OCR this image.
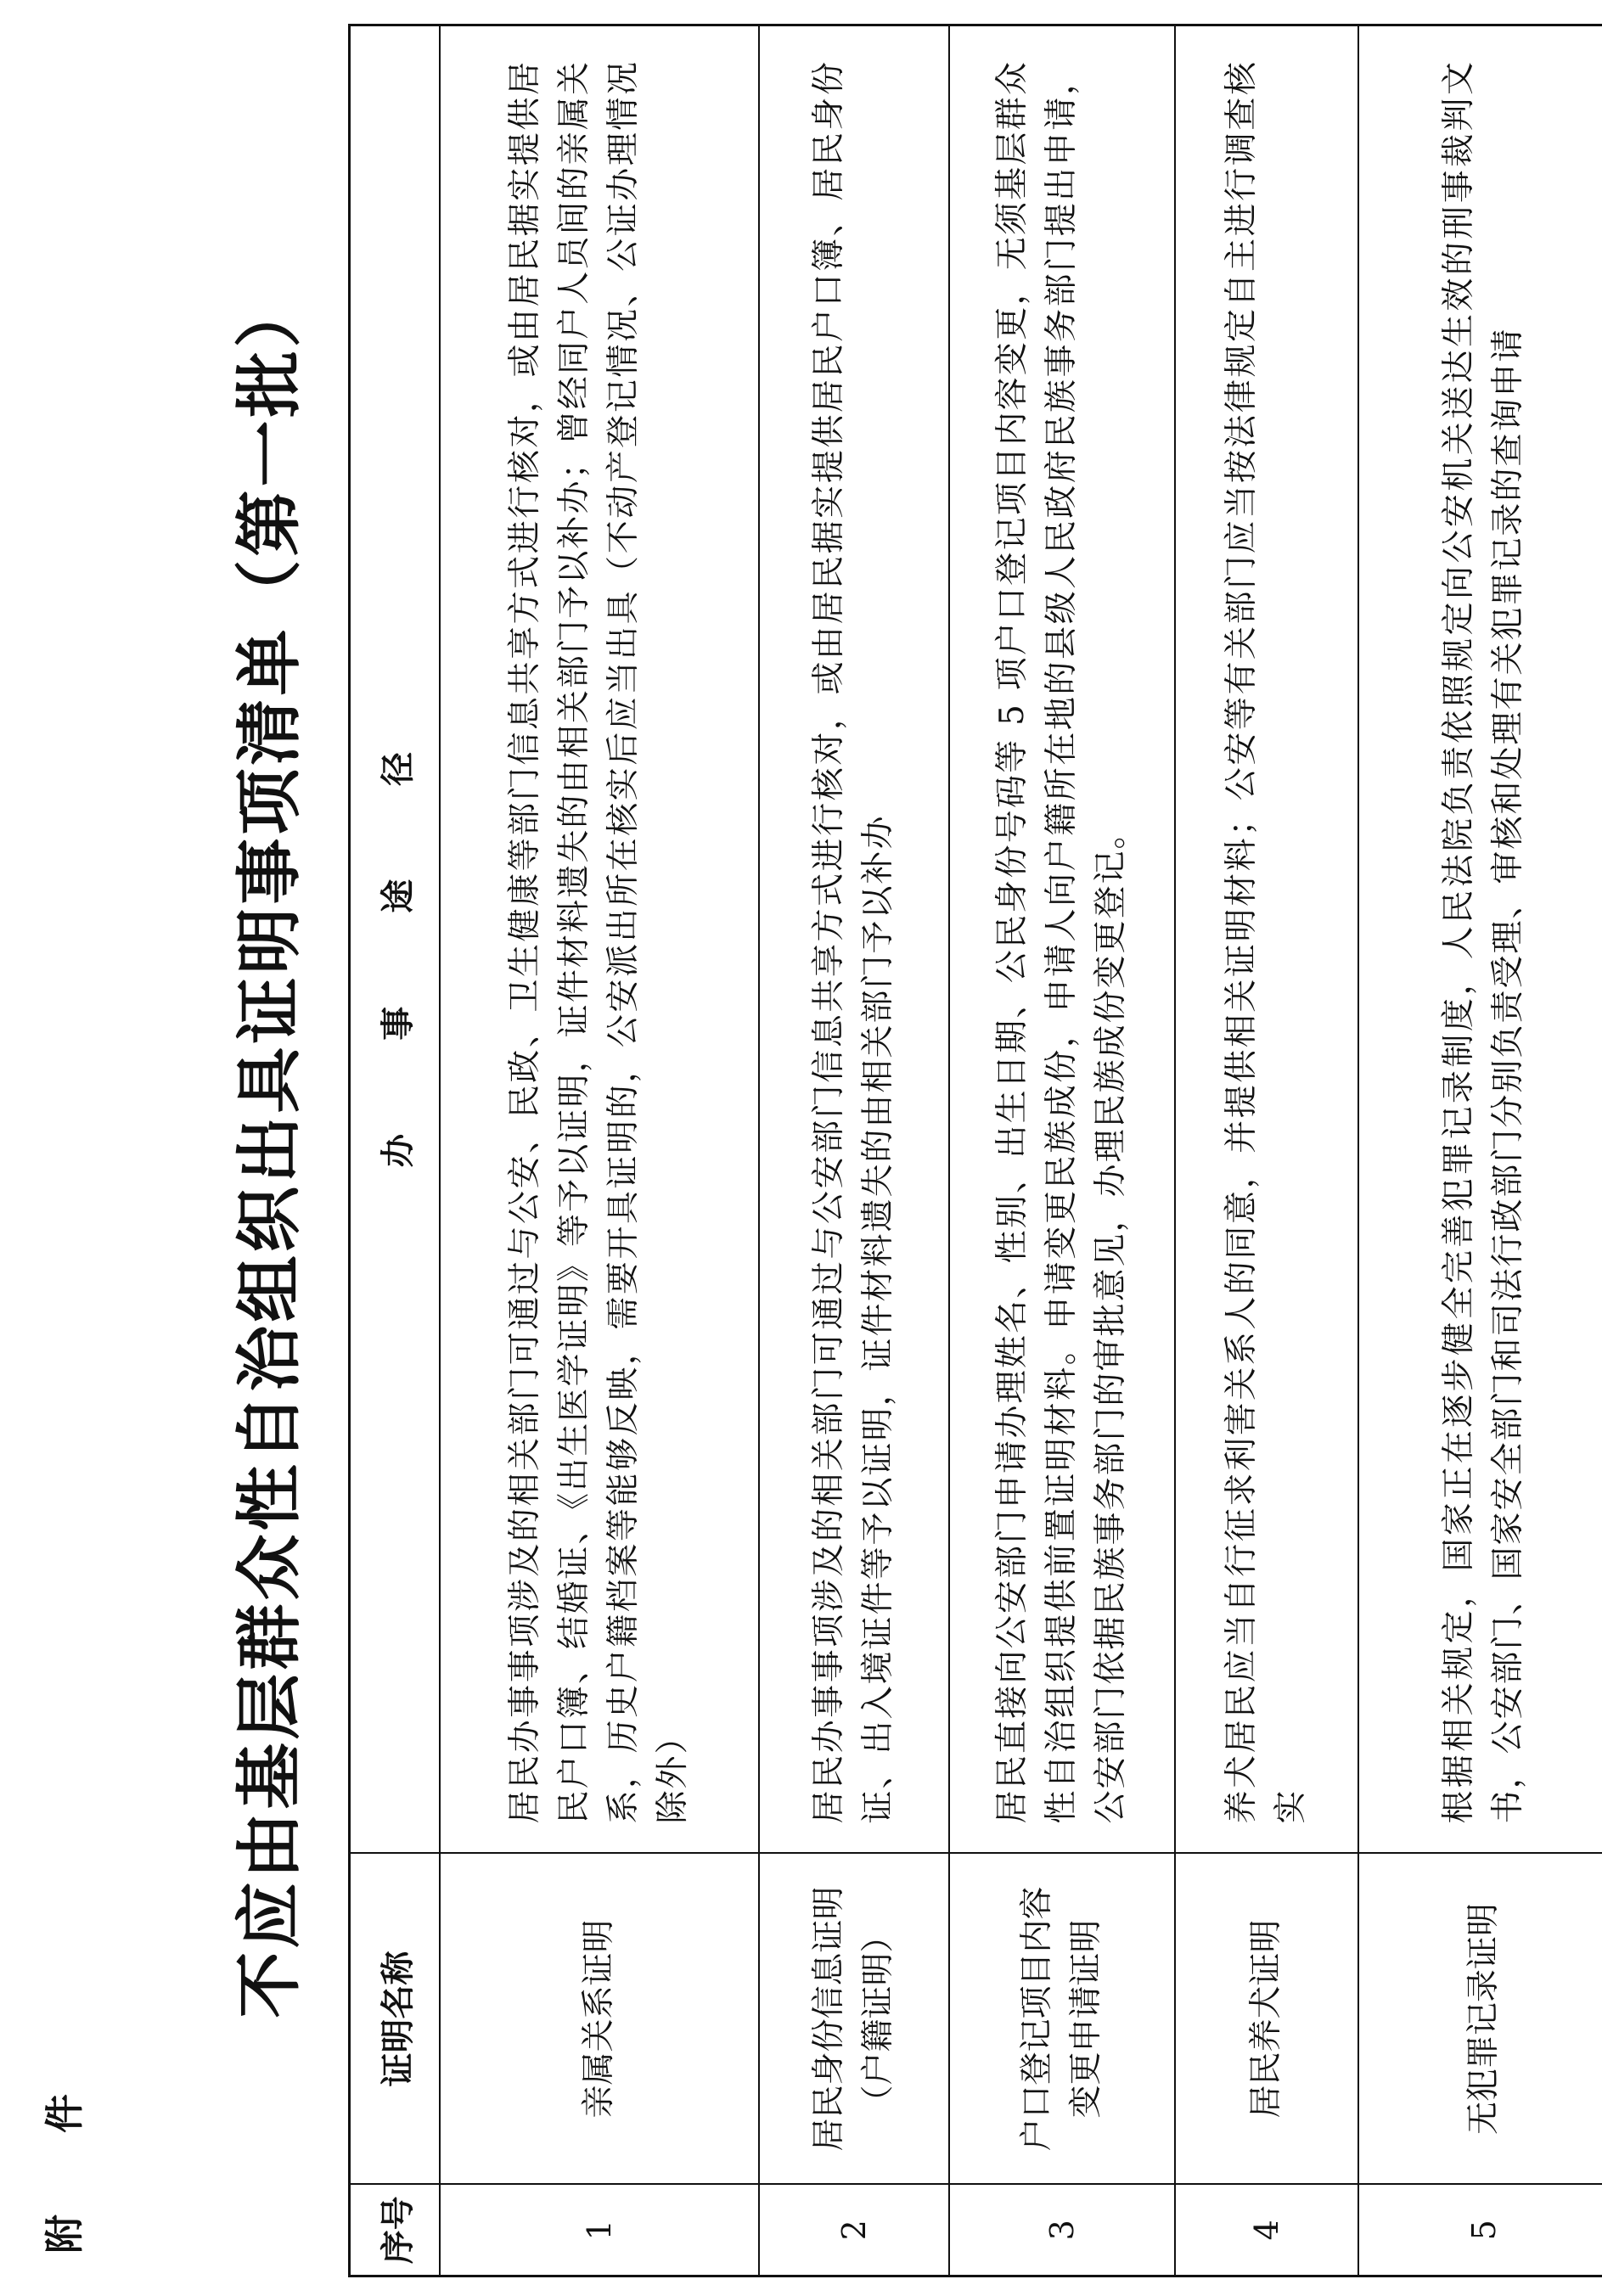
附 件
不应由基层群众性自治组织出具证明事项清单（第一批）
序号	证明名称	办 事 途 径
1	亲属关系证明	居民办事事项涉及的相关部门可通过与公安、民政、卫生健康等部门信息共享方式进行核对，或由居民据实提供居民户口簿、结婚证、《出生医学证明》等予以证明，证件材料遗失的由相关部门予以补办；曾经同户人员间的亲属关系，历史户籍档案等能够反映，需要开具证明的，公安派出所在核实后应当出具（不动产登记情况、公证办理情况除外）
2	居民身份信息证明（户籍证明）	居民办事事项涉及的相关部门可通过与公安部门信息共享方式进行核对，或由居民据实提供居民户口簿、居民身份证、出入境证件等予以证明，证件材料遗失的由相关部门予以补办
3	户口登记项目内容变更申请证明	居民直接向公安部门申请办理姓名、性别、出生日期、公民身份号码等 5 项户口登记项目内容变更，无须基层群众性自治组织提供前置证明材料。申请变更民族成份，申请人向户籍所在地的县级人民政府民族事务部门提出申请，公安部门依据民族事务部门的审批意见，办理民族成份变更登记。
4	居民养犬证明	养犬居民应当自行征求利害关系人的同意，并提供相关证明材料；公安等有关部门应当按法律规定自主进行调查核实
5	无犯罪记录证明	根据相关规定，国家正在逐步健全完善犯罪记录制度，人民法院负责依照规定向公安机关送达生效的刑事裁判文书，公安部门、国家安全部门和司法行政部门分别负责受理、审核和处理有关犯罪记录的查询申请
